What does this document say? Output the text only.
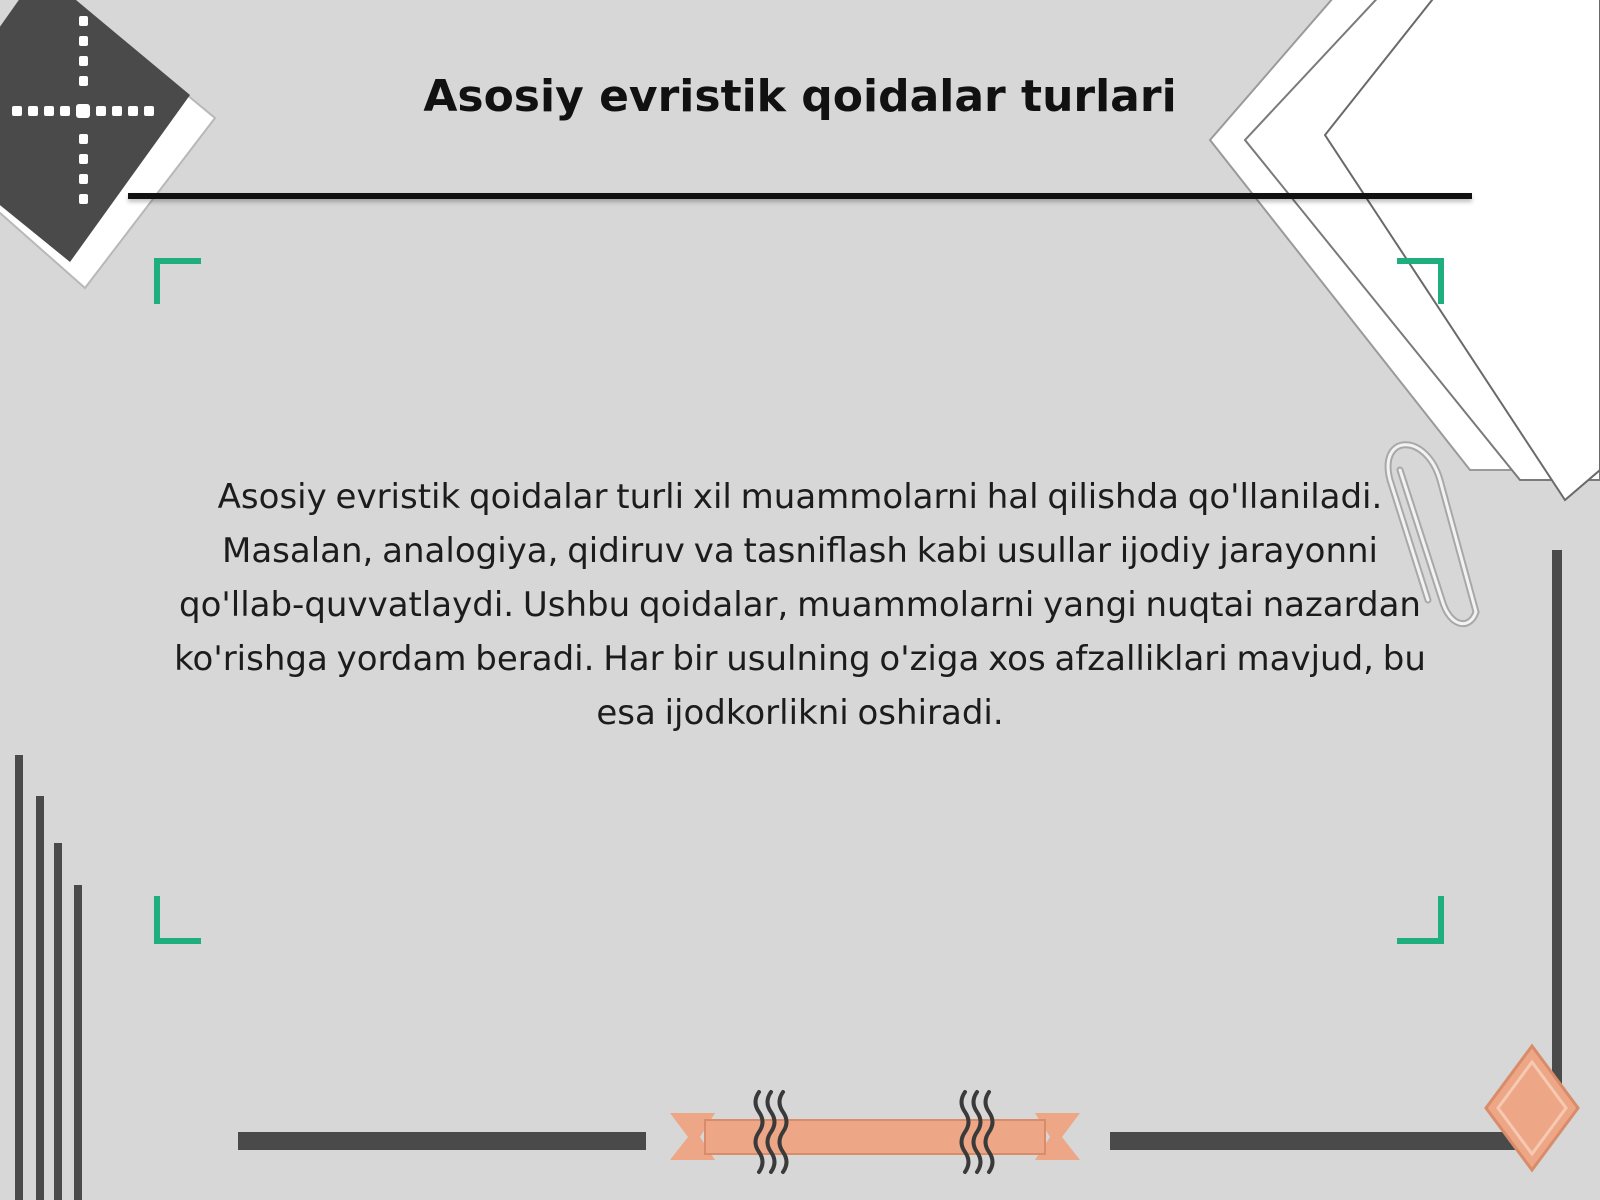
Asosiy evristik qoidalar turlari

Asosiy evristik qoidalar turli xil muammolarni hal qilishda qo'llaniladi. Masalan, analogiya, qidiruv va tasniflash kabi usullar ijodiy jarayonni qo'llab-quvvatlaydi. Ushbu qoidalar, muammolarni yangi nuqtai nazardan ko'rishga yordam beradi. Har bir usulning o'ziga xos afzalliklari mavjud, bu esa ijodkorlikni oshiradi.
